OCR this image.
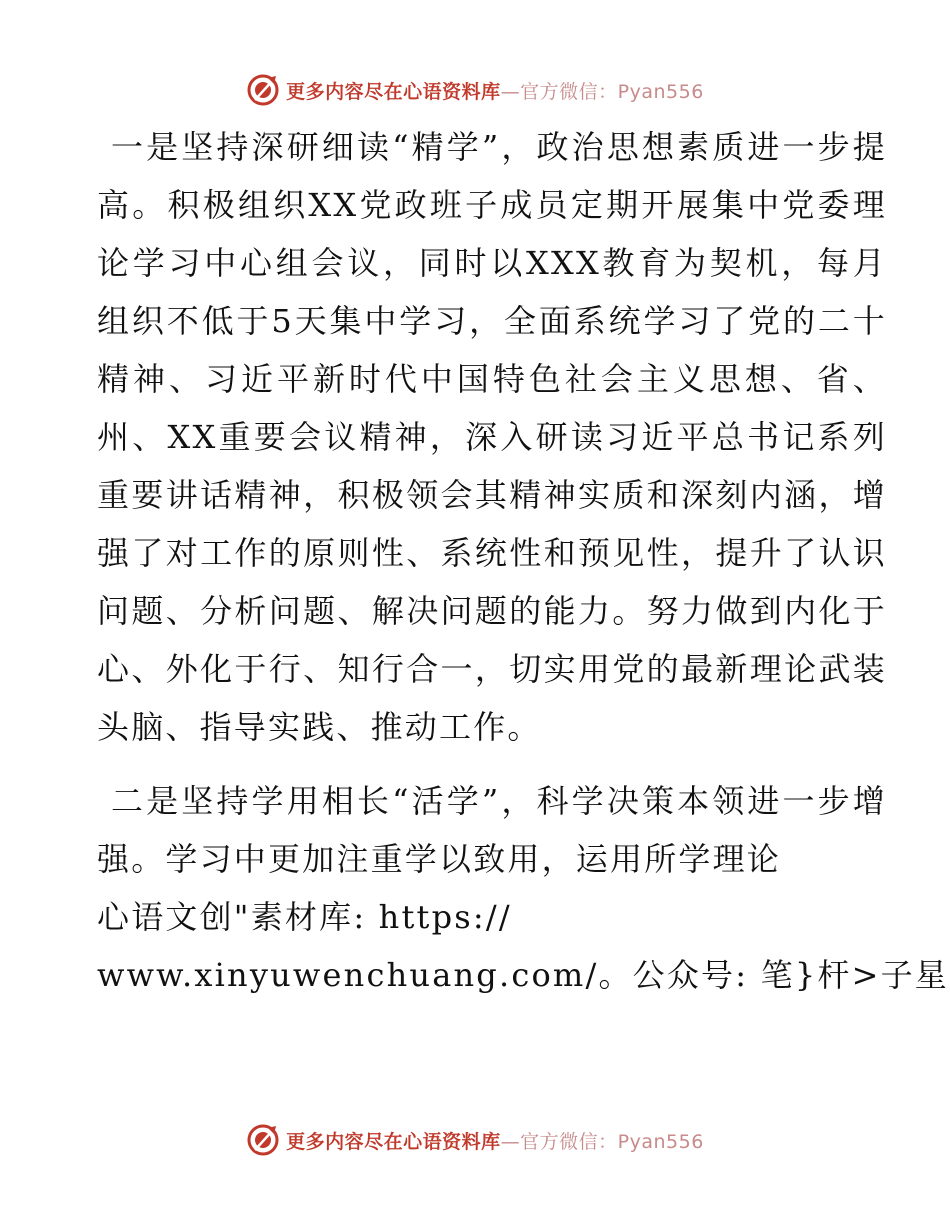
更多内容尽在心语资料库—官方微信：Pyan556

一是坚持深研细读“精学”，政治思想素质进一步提高。积极组织XX党政班子成员定期开展集中党委理论学习中心组会议，同时以XXX教育为契机，每月组织不低于5天集中学习，全面系统学习了党的二十精神、习近平新时代中国特色社会主义思想、省、州、XX重要会议精神，深入研读习近平总书记系列重要讲话精神，积极领会其精神实质和深刻内涵，增强了对工作的原则性、系统性和预见性，提升了认识问题、分析问题、解决问题的能力。努力做到内化于心、外化于行、知行合一，切实用党的最新理论武装头脑、指导实践、推动工作。

二是坚持学用相长“活学”，科学决策本领进一步增强。学习中更加注重学以致用，运用所学理论

心语文创"素材库: https://

www.xinyuwenchuang.com/。公众号: 笔}杆>子星

更多内容尽在心语资料库—官方微信：Pyan556
